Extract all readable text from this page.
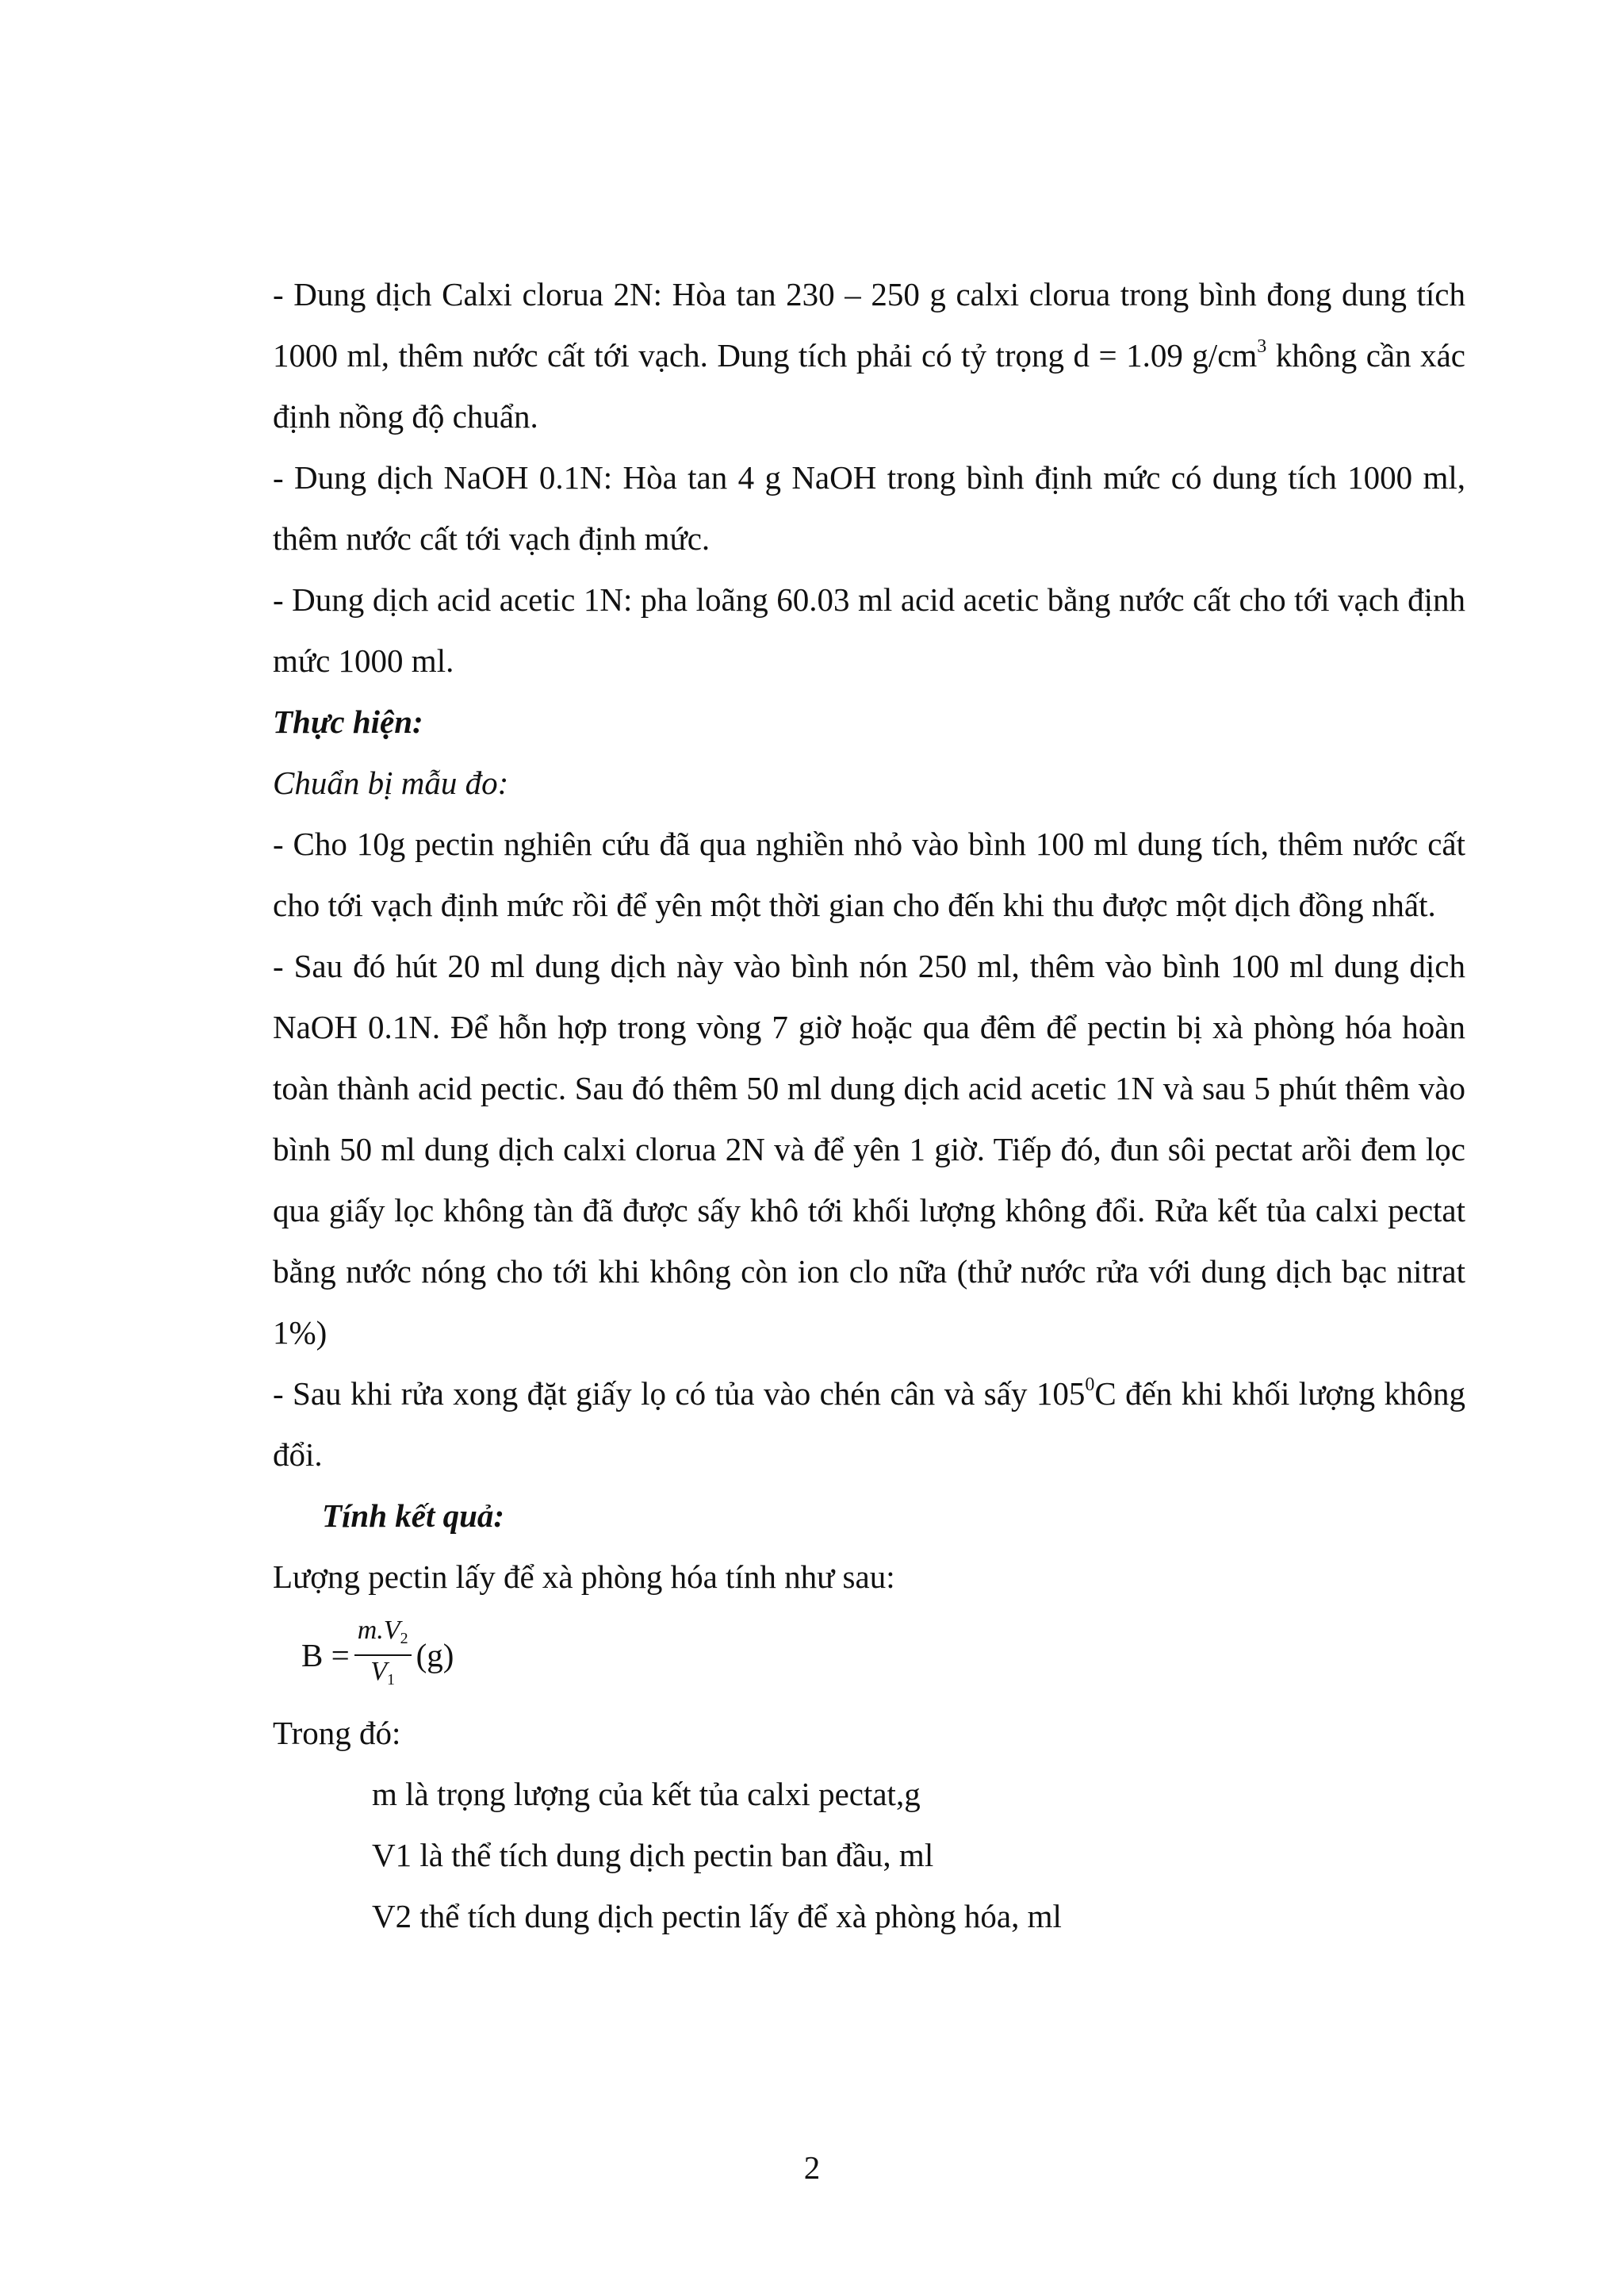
- Dung dịch Calxi clorua 2N: Hòa tan 230 – 250 g calxi clorua trong bình đong dung tích 1000 ml, thêm nước cất tới vạch. Dung tích phải có tỷ trọng d = 1.09 $g/cm^3$ không cần xác định nồng độ chuẩn.

- Dung dịch NaOH 0.1N: Hòa tan 4 g NaOH trong bình định mức có dung tích 1000 ml, thêm nước cất tới vạch định mức.

- Dung dịch acid acetic 1N: pha loãng 60.03 ml acid acetic bằng nước cất cho tới vạch định mức 1000 ml.

Thực hiện:

Chuẩn bị mẫu đo:

- Cho 10g pectin nghiên cứu đã qua nghiền nhỏ vào bình 100 ml dung tích, thêm nước cất cho tới vạch định mức rồi để yên một thời gian cho đến khi thu được một dịch đồng nhất.

- Sau đó hút 20 ml dung dịch này vào bình nón 250 ml, thêm vào bình 100 ml dung dịch NaOH 0.1N. Để hỗn hợp trong vòng 7 giờ hoặc qua đêm để pectin bị xà phòng hóa hoàn toàn thành acid pectic. Sau đó thêm 50 ml dung dịch acid acetic 1N và sau 5 phút thêm vào bình 50 ml dung dịch calxi clorua 2N và để yên 1 giờ. Tiếp đó, đun sôi pectat arồi đem lọc qua giấy lọc không tàn đã được sấy khô tới khối lượng không đổi. Rửa kết tủa calxi pectat bằng nước nóng cho tới khi không còn ion clo nữa (thử nước rửa với dung dịch bạc nitrat 1%)

- Sau khi rửa xong đặt giấy lọ có tủa vào chén cân và sấy $105^0C$ đến khi khối lượng không đổi.

Tính kết quả:

Lượng pectin lấy để xà phòng hóa tính như sau:

$B = \frac{m.V_2}{V_1} (g)$

Trong đó:

m là trọng lượng của kết tủa calxi pectat,g

V1 là thể tích dung dịch pectin ban đầu, ml

V2 thể tích dung dịch pectin lấy để xà phòng hóa, ml

2
